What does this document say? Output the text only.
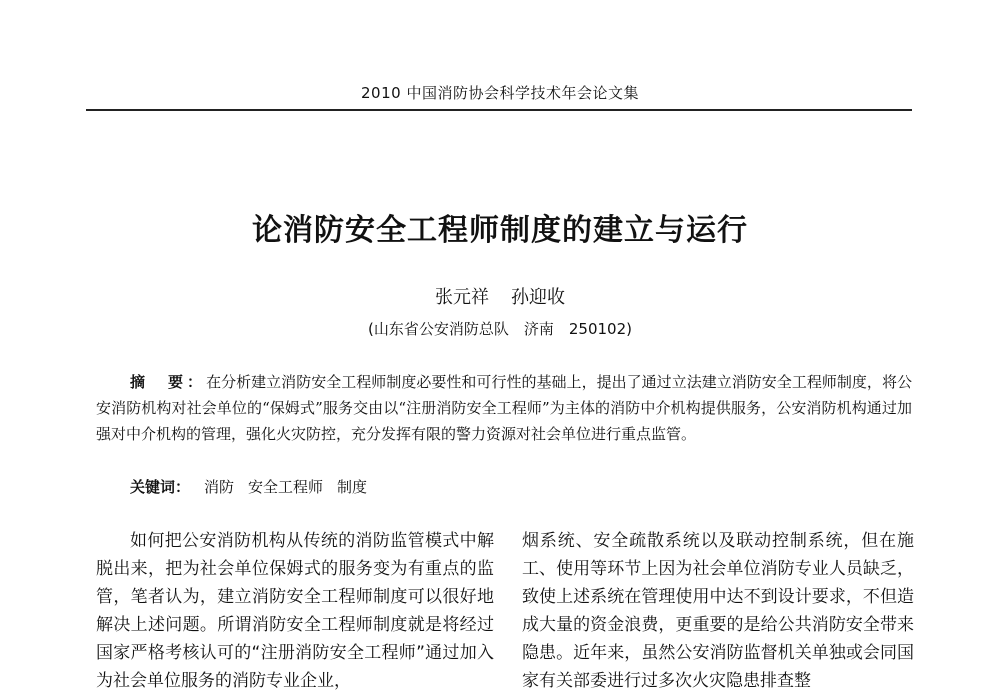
2010 中国消防协会科学技术年会论文集
论消防安全工程师制度的建立与运行
张元祥 孙迎收
(山东省公安消防总队　济南　250102)
摘　要：在分析建立消防安全工程师制度必要性和可行性的基础上，提出了通过立法建立消防安全工程师制度，将公安消防机构对社会单位的“保姆式”服务交由以“注册消防安全工程师”为主体的消防中介机构提供服务，公安消防机构通过加强对中介机构的管理，强化火灾防控，充分发挥有限的警力资源对社会单位进行重点监管。
关键词： 消防 安全工程师 制度
如何把公安消防机构从传统的消防监管模式中解脱出来，把为社会单位保姆式的服务变为有重点的监管，笔者认为，建立消防安全工程师制度可以很好地解决上述问题。所谓消防安全工程师制度就是将经过国家严格考核认可的“注册消防安全工程师”通过加入为社会单位服务的消防专业企业，
烟系统、安全疏散系统以及联动控制系统，但在施工、使用等环节上因为社会单位消防专业人员缺乏，致使上述系统在管理使用中达不到设计要求，不但造成大量的资金浪费，更重要的是给公共消防安全带来隐患。近年来，虽然公安消防监督机关单独或会同国家有关部委进行过多次火灾隐患排查整
